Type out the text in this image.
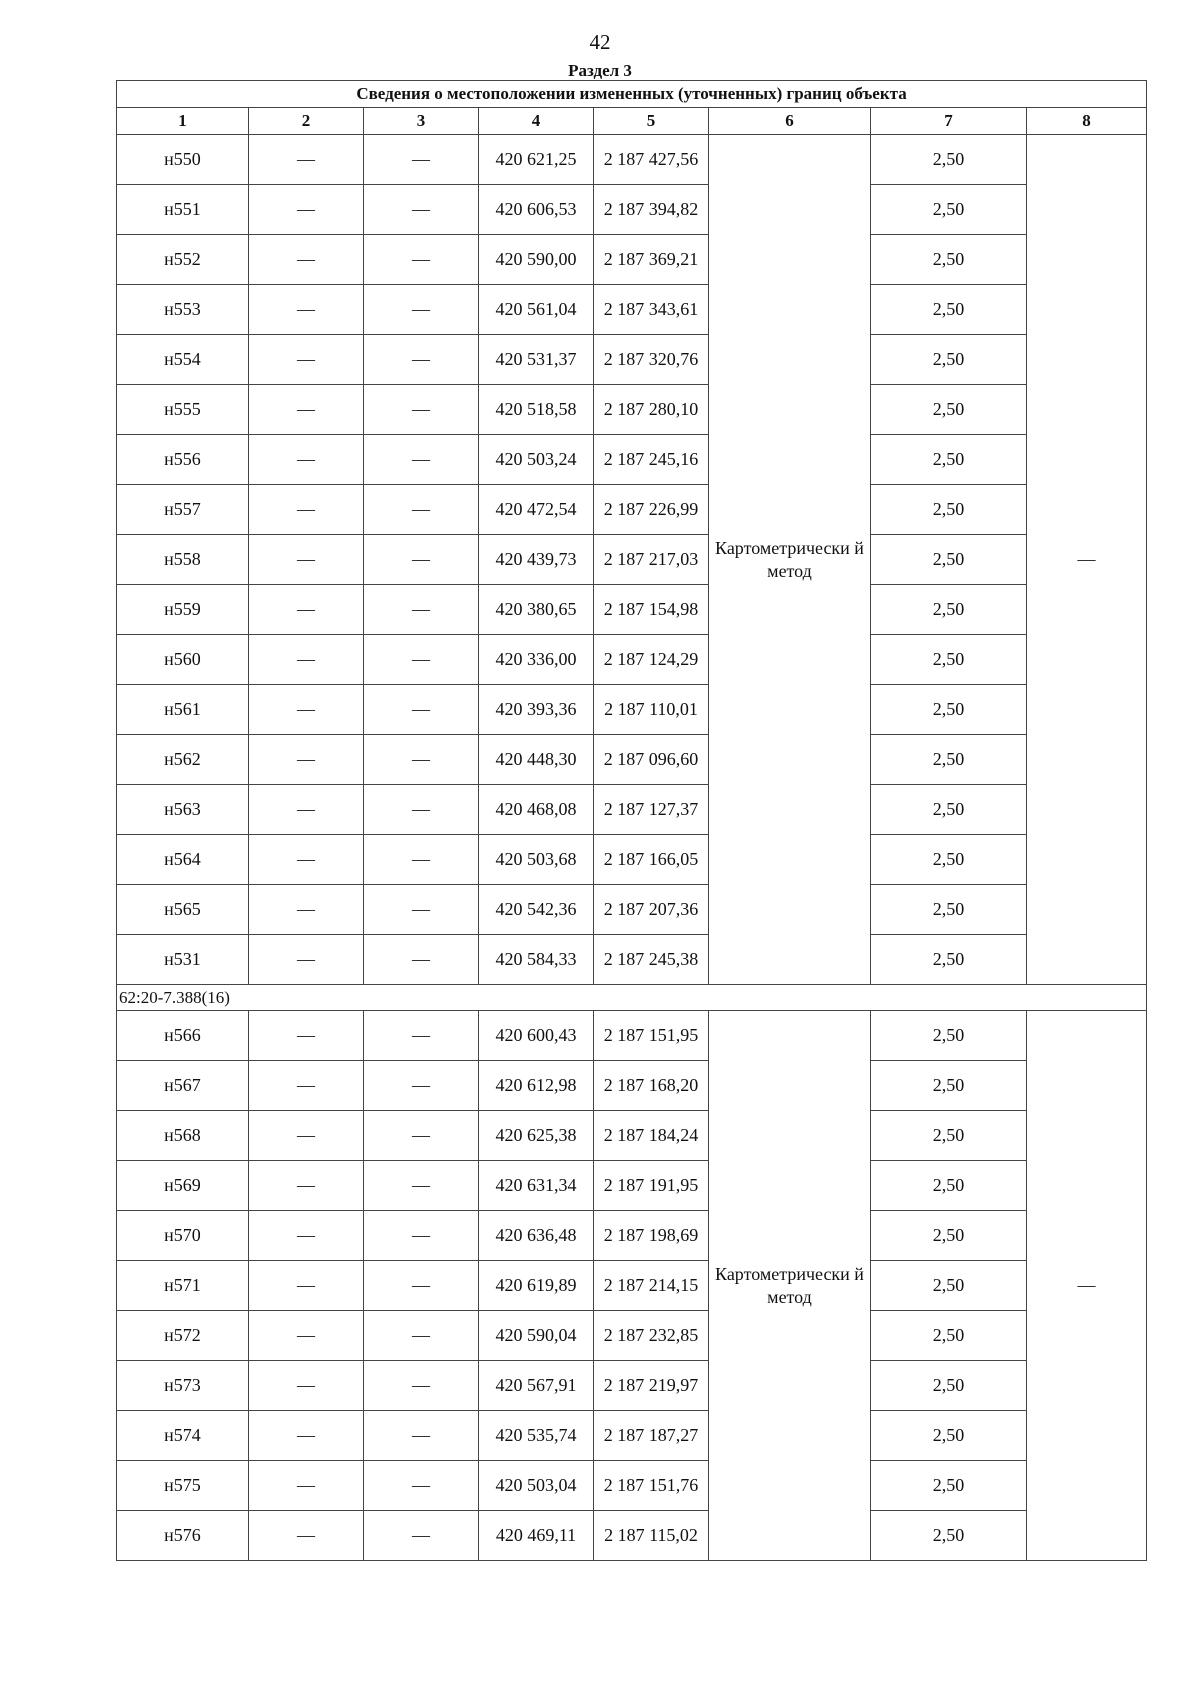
42
Раздел 3
Сведения о местоположении измененных (уточненных) границ объекта							
1	2	3	4	5	6	7	8
н550	—	—	420 621,25	2 187 427,56	Картометрически й метод	2,50	—
н551	—	—	420 606,53	2 187 394,82		2,50	
н552	—	—	420 590,00	2 187 369,21		2,50	
н553	—	—	420 561,04	2 187 343,61		2,50	
н554	—	—	420 531,37	2 187 320,76		2,50	
н555	—	—	420 518,58	2 187 280,10		2,50	
н556	—	—	420 503,24	2 187 245,16		2,50	
н557	—	—	420 472,54	2 187 226,99		2,50	
н558	—	—	420 439,73	2 187 217,03		2,50	
н559	—	—	420 380,65	2 187 154,98		2,50	
н560	—	—	420 336,00	2 187 124,29		2,50	
н561	—	—	420 393,36	2 187 110,01		2,50	
н562	—	—	420 448,30	2 187 096,60		2,50	
н563	—	—	420 468,08	2 187 127,37		2,50	
н564	—	—	420 503,68	2 187 166,05		2,50	
н565	—	—	420 542,36	2 187 207,36		2,50	
н531	—	—	420 584,33	2 187 245,38		2,50	
62:20-7.388(16)							
н566	—	—	420 600,43	2 187 151,95	Картометрически й метод	2,50	—
н567	—	—	420 612,98	2 187 168,20		2,50	
н568	—	—	420 625,38	2 187 184,24		2,50	
н569	—	—	420 631,34	2 187 191,95		2,50	
н570	—	—	420 636,48	2 187 198,69		2,50	
н571	—	—	420 619,89	2 187 214,15		2,50	
н572	—	—	420 590,04	2 187 232,85		2,50	
н573	—	—	420 567,91	2 187 219,97		2,50	
н574	—	—	420 535,74	2 187 187,27		2,50	
н575	—	—	420 503,04	2 187 151,76		2,50	
н576	—	—	420 469,11	2 187 115,02		2,50	
